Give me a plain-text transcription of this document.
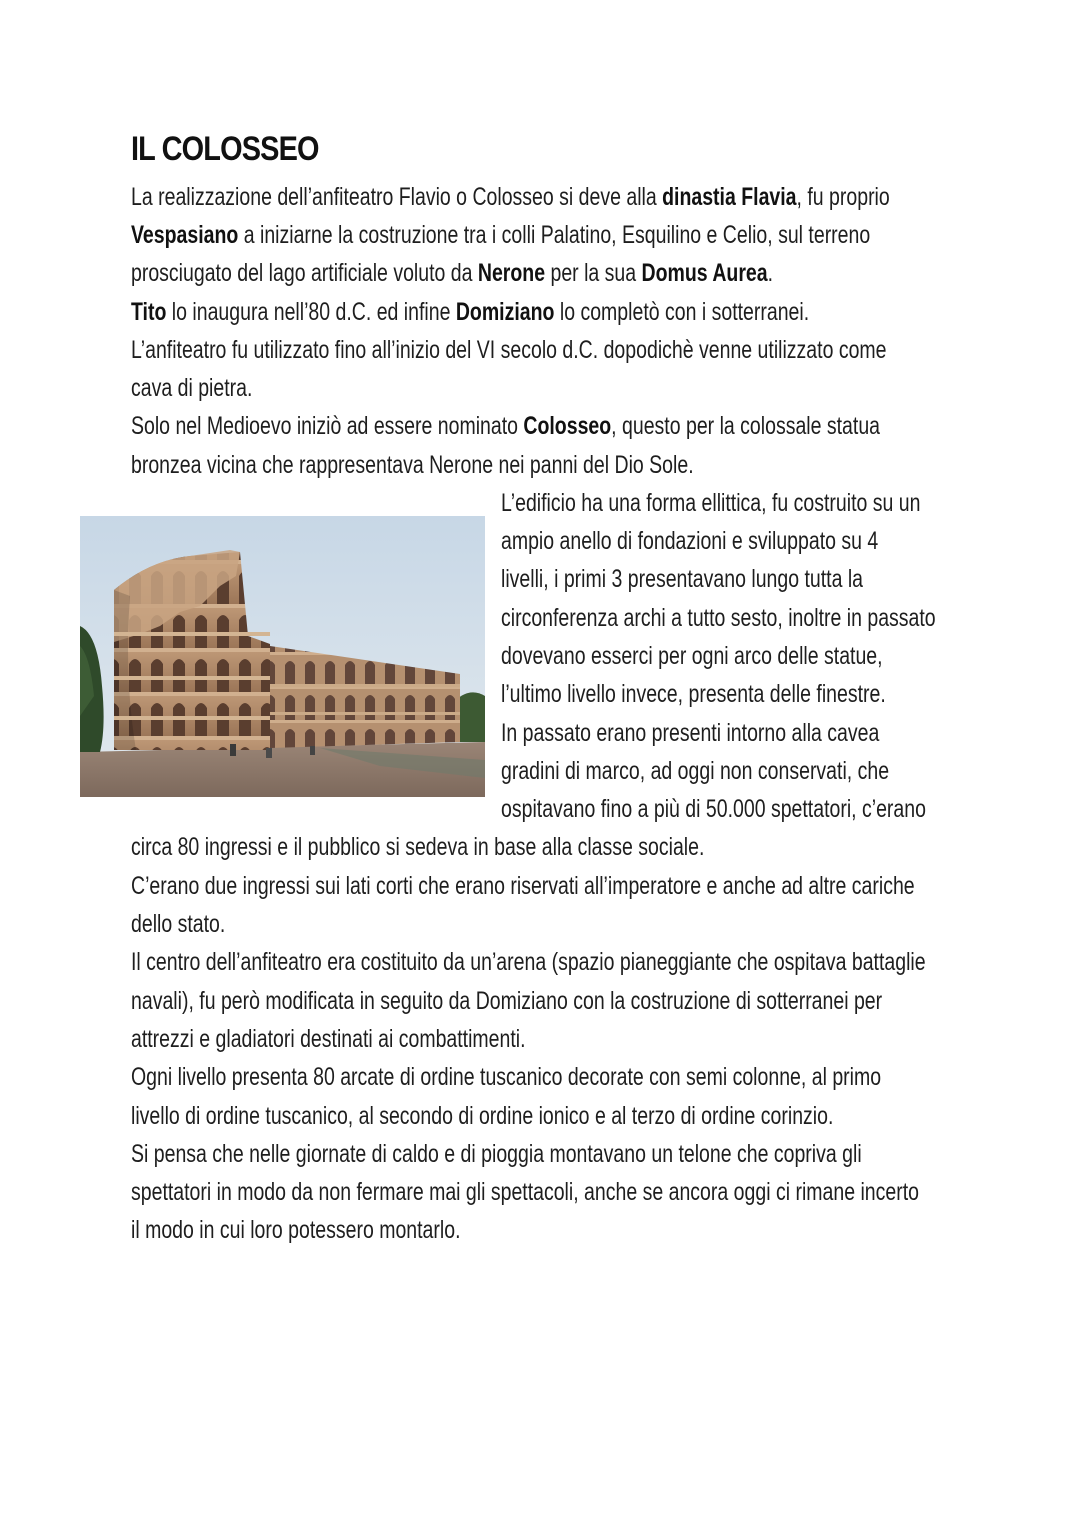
IL COLOSSEO
La realizzazione dell’anfiteatro Flavio o Colosseo si deve alla dinastia Flavia, fu proprio
Vespasiano a iniziarne la costruzione tra i colli Palatino, Esquilino e Celio, sul terreno
prosciugato del lago artificiale voluto da Nerone per la sua Domus Aurea.
Tito lo inaugura nell’80 d.C. ed infine Domiziano lo completò con i sotterranei.
L’anfiteatro fu utilizzato fino all’inizio del VI secolo d.C. dopodichè venne utilizzato come
cava di pietra.
Solo nel Medioevo iniziò ad essere nominato Colosseo, questo per la colossale statua
bronzea vicina che rappresentava Nerone nei panni del Dio Sole.
L’edificio ha una forma ellittica, fu costruito su un
ampio anello di fondazioni e sviluppato su 4
livelli, i primi 3 presentavano lungo tutta la
circonferenza archi a tutto sesto, inoltre in passato
dovevano esserci per ogni arco delle statue,
l’ultimo livello invece, presenta delle finestre.
In passato erano presenti intorno alla cavea
gradini di marco, ad oggi non conservati, che
ospitavano fino a più di 50.000 spettatori, c’erano
circa 80 ingressi e il pubblico si sedeva in base alla classe sociale.
C’erano due ingressi sui lati corti che erano riservati all’imperatore e anche ad altre cariche
dello stato.
Il centro dell’anfiteatro era costituito da un’arena (spazio pianeggiante che ospitava battaglie
navali), fu però modificata in seguito da Domiziano con la costruzione di sotterranei per
attrezzi e gladiatori destinati ai combattimenti.
Ogni livello presenta 80 arcate di ordine tuscanico decorate con semi colonne, al primo
livello di ordine tuscanico, al secondo di ordine ionico e al terzo di ordine corinzio.
Si pensa che nelle giornate di caldo e di pioggia montavano un telone che copriva gli
spettatori in modo da non fermare mai gli spettacoli, anche se ancora oggi ci rimane incerto
il modo in cui loro potessero montarlo.
